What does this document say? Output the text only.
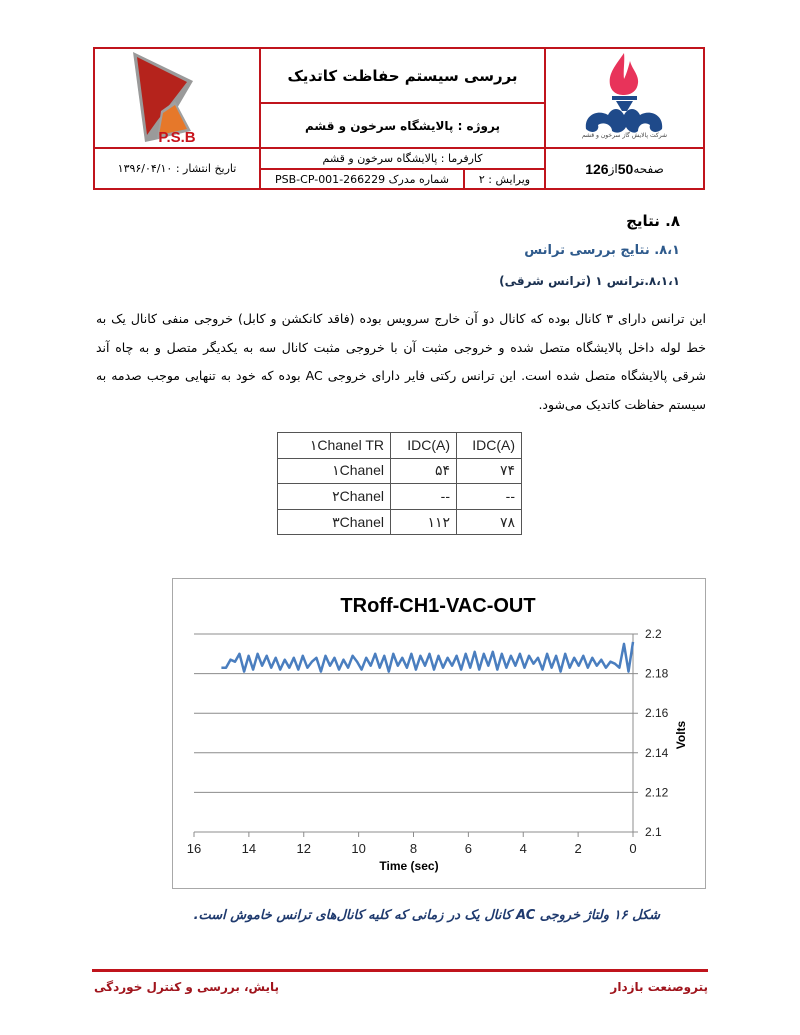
P.S.B
بررسی سیستم حفاظت کاتدیک
پروژه : پالایشگاه سرخون و قشم
کارفرما : پالایشگاه سرخون و قشم
شماره مدرک 266229-PSB-CP-001	ویرایش : ۲
شرکت پالایش گاز سرخون و قشم
تاریخ انتشار : ۱۳۹۶/۰۴/۱۰	صفحه
50
از
126
۸. نتایج
۸،۱. نتایج بررسی ترانس
۸،۱،۱.ترانس ۱ (ترانس شرقی)
این ترانس دارای ۳ کانال بوده که کانال دو آن خارج سرویس بوده (فاقد کانکشن و کابل) خروجی منفی کانال یک به خط لوله داخل پالایشگاه متصل شده و خروجی مثبت آن با خروجی مثبت کانال سه به یکدیگر متصل و به چاه آند شرقی پالایشگاه متصل شده است. این ترانس رکتی فایر دارای خروجی AC بوده که خود به تنهایی موجب صدمه به سیستم حفاظت کاتدیک می‌شود.
۱Chanel TR	IDC(A)	IDC(A)
۱Chanel	۵۴	۷۴
۲Chanel	--	--
۳Chanel	۱۱۲	۷۸
TRoff-CH1-VAC-OUT
2.1
2.12
2.14
2.16
2.18
2.2
16	14	12	10	8	6	4	2	0
Time (sec)
Volts
شکل ۱۶ ولتاژ خروجی AC کانال یک در زمانی که کلیه کانال‌های ترانس خاموش است.
پتروصنعت بازدار
پایش، بررسی و کنترل خوردگی
